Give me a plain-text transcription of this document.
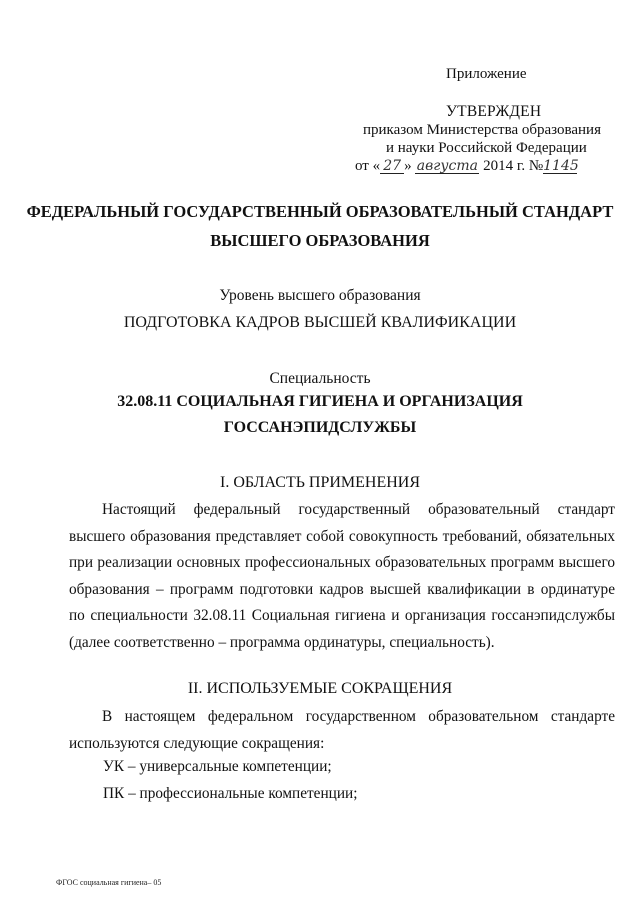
Приложение
УТВЕРЖДЕН
приказом Министерства образования
и науки Российской Федерации
от « 27 » августа 2014 г. №1145
ФЕДЕРАЛЬНЫЙ ГОСУДАРСТВЕННЫЙ ОБРАЗОВАТЕЛЬНЫЙ СТАНДАРТ
ВЫСШЕГО ОБРАЗОВАНИЯ
Уровень высшего образования
ПОДГОТОВКА КАДРОВ ВЫСШЕЙ КВАЛИФИКАЦИИ
Специальность
32.08.11 СОЦИАЛЬНАЯ ГИГИЕНА И ОРГАНИЗАЦИЯ
ГОССАНЭПИДСЛУЖБЫ
I. ОБЛАСТЬ ПРИМЕНЕНИЯ
Настоящий федеральный государственный образовательный стандарт высшего образования представляет собой совокупность требований, обязательных при реализации основных профессиональных образовательных программ высшего образования – программ подготовки кадров высшей квалификации в ординатуре по специальности 32.08.11 Социальная гигиена и организация госсанэпидслужбы (далее соответственно – программа ординатуры, специальность).
II. ИСПОЛЬЗУЕМЫЕ СОКРАЩЕНИЯ
В настоящем федеральном государственном образовательном стандарте используются следующие сокращения:
УК – универсальные компетенции;
ПК – профессиональные компетенции;
ФГОС социальная гигиена– 05
